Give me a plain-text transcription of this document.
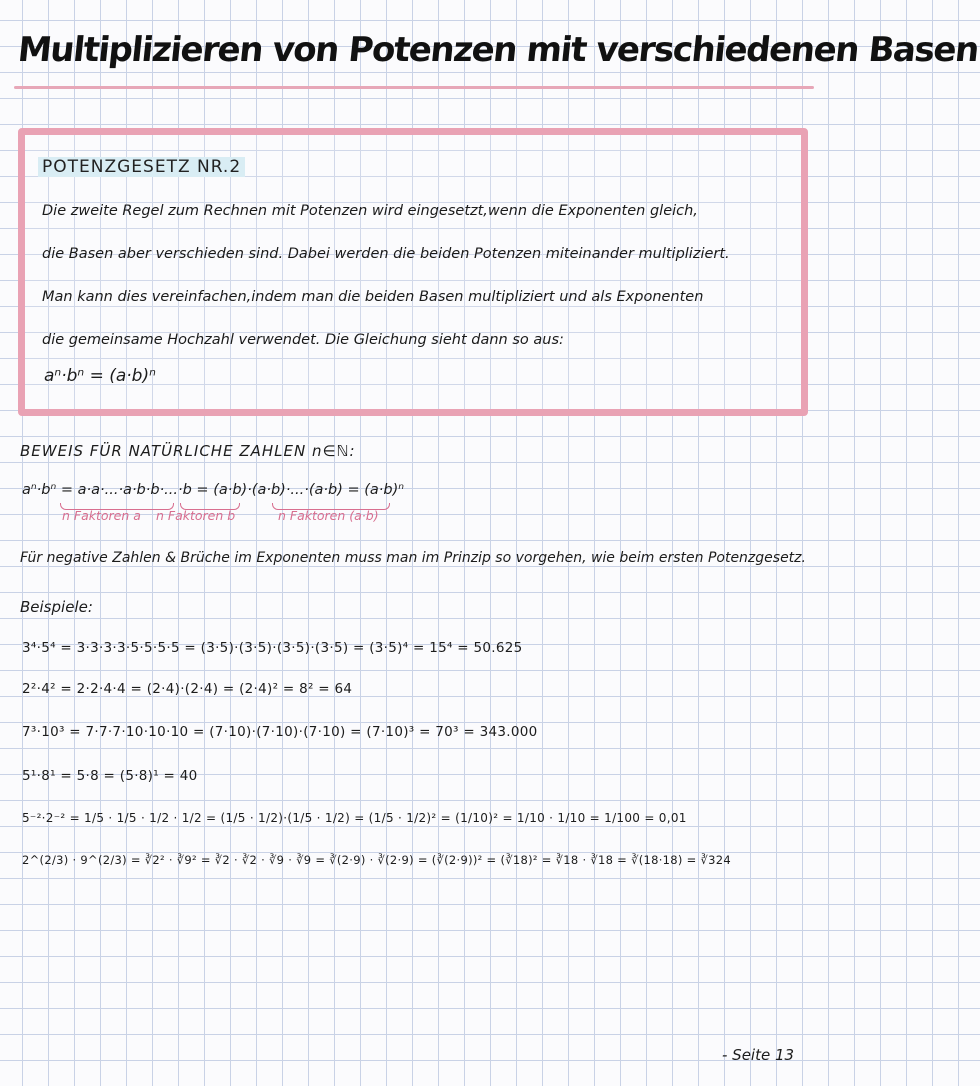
Multiplizieren von Potenzen mit verschiedenen Basen
POTENZGESETZ NR.2
Die zweite Regel zum Rechnen mit Potenzen wird eingesetzt,wenn die Exponenten gleich,
die Basen aber verschieden sind. Dabei werden die beiden Potenzen miteinander multipliziert.
Man kann dies vereinfachen,indem man die beiden Basen multipliziert und als Exponenten
die gemeinsame Hochzahl verwendet. Die Gleichung sieht dann so aus:
aⁿ·bⁿ = (a·b)ⁿ
BEWEIS FÜR NATÜRLICHE ZAHLEN n∈ℕ:
aⁿ·bⁿ = a·a·...·a·b·b·...·b = (a·b)·(a·b)·...·(a·b) = (a·b)ⁿ
n Faktoren a n Faktoren b	n Faktoren (a·b)
Für negative Zahlen & Brüche im Exponenten muss man im Prinzip so vorgehen, wie beim ersten Potenzgesetz.
Beispiele:
3⁴·5⁴ = 3·3·3·3·5·5·5·5 = (3·5)·(3·5)·(3·5)·(3·5) = (3·5)⁴ = 15⁴ = 50.625
2²·4² = 2·2·4·4 = (2·4)·(2·4) = (2·4)² = 8² = 64
7³·10³ = 7·7·7·10·10·10 = (7·10)·(7·10)·(7·10) = (7·10)³ = 70³ = 343.000
5¹·8¹ = 5·8 = (5·8)¹ = 40
5⁻²·2⁻² = 1/5 · 1/5 · 1/2 · 1/2 = (1/5 · 1/2)·(1/5 · 1/2) = (1/5 · 1/2)² = (1/10)² = 1/10 · 1/10 = 1/100 = 0,01
2^(2/3) · 9^(2/3) = ∛2² · ∛9² = ∛2 · ∛2 · ∛9 · ∛9 = ∛(2·9) · ∛(2·9) = (∛(2·9))² = (∛18)² = ∛18 · ∛18 = ∛(18·18) = ∛324
- Seite 13
